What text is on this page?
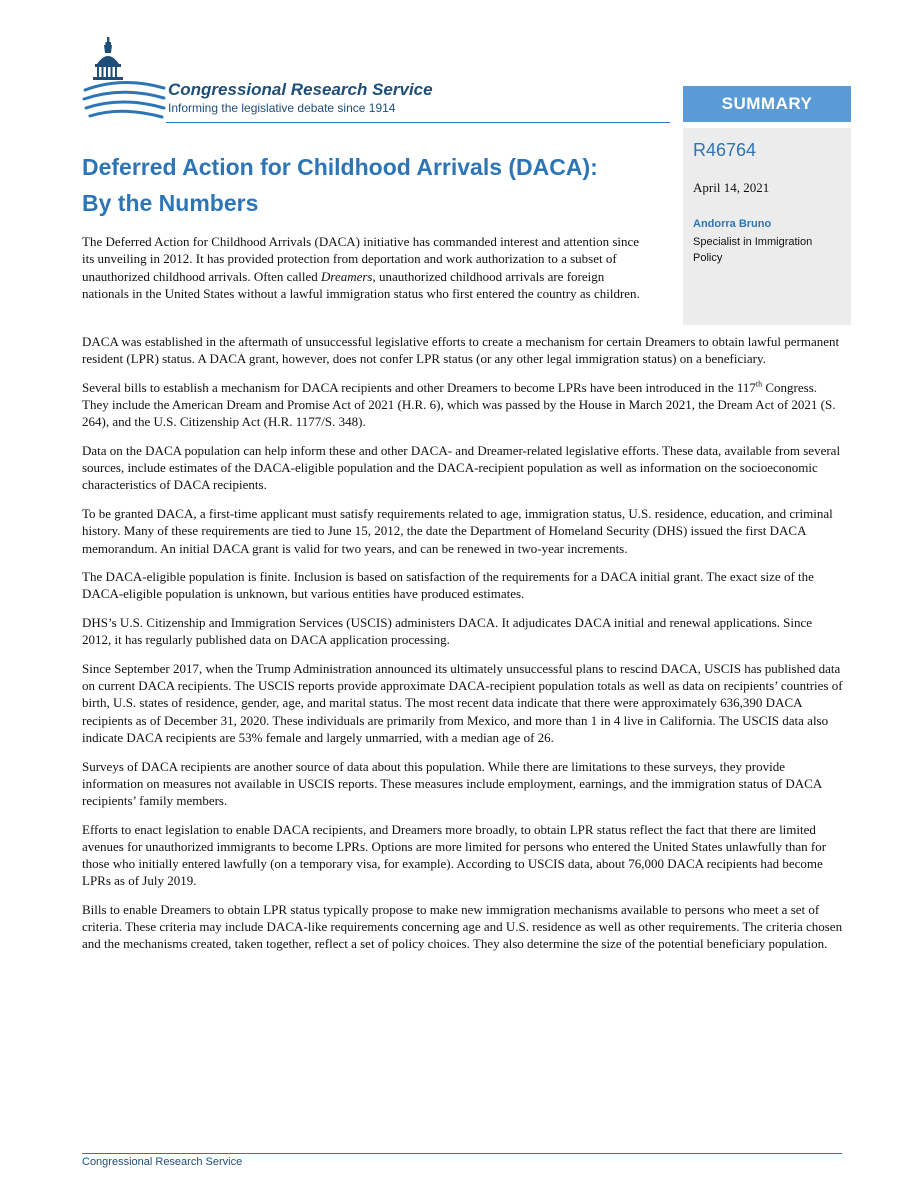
Congressional Research Service

Informing the legislative debate since 1914	SUMMARY

R46764

April 14, 2021

Andorra Bruno

Specialist in Immigration Policy

Deferred Action for Childhood Arrivals (DACA):
By the Numbers

The Deferred Action for Childhood Arrivals (DACA) initiative has commanded interest and attention since its unveiling in 2012. It has provided protection from deportation and work authorization to a subset of unauthorized childhood arrivals. Often called Dreamers, unauthorized childhood arrivals are foreign nationals in the United States without a lawful immigration status who first entered the country as children.

DACA was established in the aftermath of unsuccessful legislative efforts to create a mechanism for certain Dreamers to obtain lawful permanent resident (LPR) status. A DACA grant, however, does not confer LPR status (or any other legal immigration status) on a beneficiary.

Several bills to establish a mechanism for DACA recipients and other Dreamers to become LPRs have been introduced in the 117th Congress. They include the American Dream and Promise Act of 2021 (H.R. 6), which was passed by the House in March 2021, the Dream Act of 2021 (S. 264), and the U.S. Citizenship Act (H.R. 1177/S. 348).

Data on the DACA population can help inform these and other DACA- and Dreamer-related legislative efforts. These data, available from several sources, include estimates of the DACA-eligible population and the DACA-recipient population as well as information on the socioeconomic characteristics of DACA recipients.

To be granted DACA, a first-time applicant must satisfy requirements related to age, immigration status, U.S. residence, education, and criminal history. Many of these requirements are tied to June 15, 2012, the date the Department of Homeland Security (DHS) issued the first DACA memorandum. An initial DACA grant is valid for two years, and can be renewed in two-year increments.

The DACA-eligible population is finite. Inclusion is based on satisfaction of the requirements for a DACA initial grant. The exact size of the DACA-eligible population is unknown, but various entities have produced estimates.

DHS’s U.S. Citizenship and Immigration Services (USCIS) administers DACA. It adjudicates DACA initial and renewal applications. Since 2012, it has regularly published data on DACA application processing.

Since September 2017, when the Trump Administration announced its ultimately unsuccessful plans to rescind DACA, USCIS has published data on current DACA recipients. The USCIS reports provide approximate DACA-recipient population totals as well as data on recipients’ countries of birth, U.S. states of residence, gender, age, and marital status. The most recent data indicate that there were approximately 636,390 DACA recipients as of December 31, 2020. These individuals are primarily from Mexico, and more than 1 in 4 live in California. The USCIS data also indicate DACA recipients are 53% female and largely unmarried, with a median age of 26.

Surveys of DACA recipients are another source of data about this population. While there are limitations to these surveys, they provide information on measures not available in USCIS reports. These measures include employment, earnings, and the immigration status of DACA recipients’ family members.

Efforts to enact legislation to enable DACA recipients, and Dreamers more broadly, to obtain LPR status reflect the fact that there are limited avenues for unauthorized immigrants to become LPRs. Options are more limited for persons who entered the United States unlawfully than for those who initially entered lawfully (on a temporary visa, for example). According to USCIS data, about 76,000 DACA recipients had become LPRs as of July 2019.

Bills to enable Dreamers to obtain LPR status typically propose to make new immigration mechanisms available to persons who meet a set of criteria. These criteria may include DACA-like requirements concerning age and U.S. residence as well as other requirements. The criteria chosen and the mechanisms created, taken together, reflect a set of policy choices. They also determine the size of the potential beneficiary population.

Congressional Research Service
